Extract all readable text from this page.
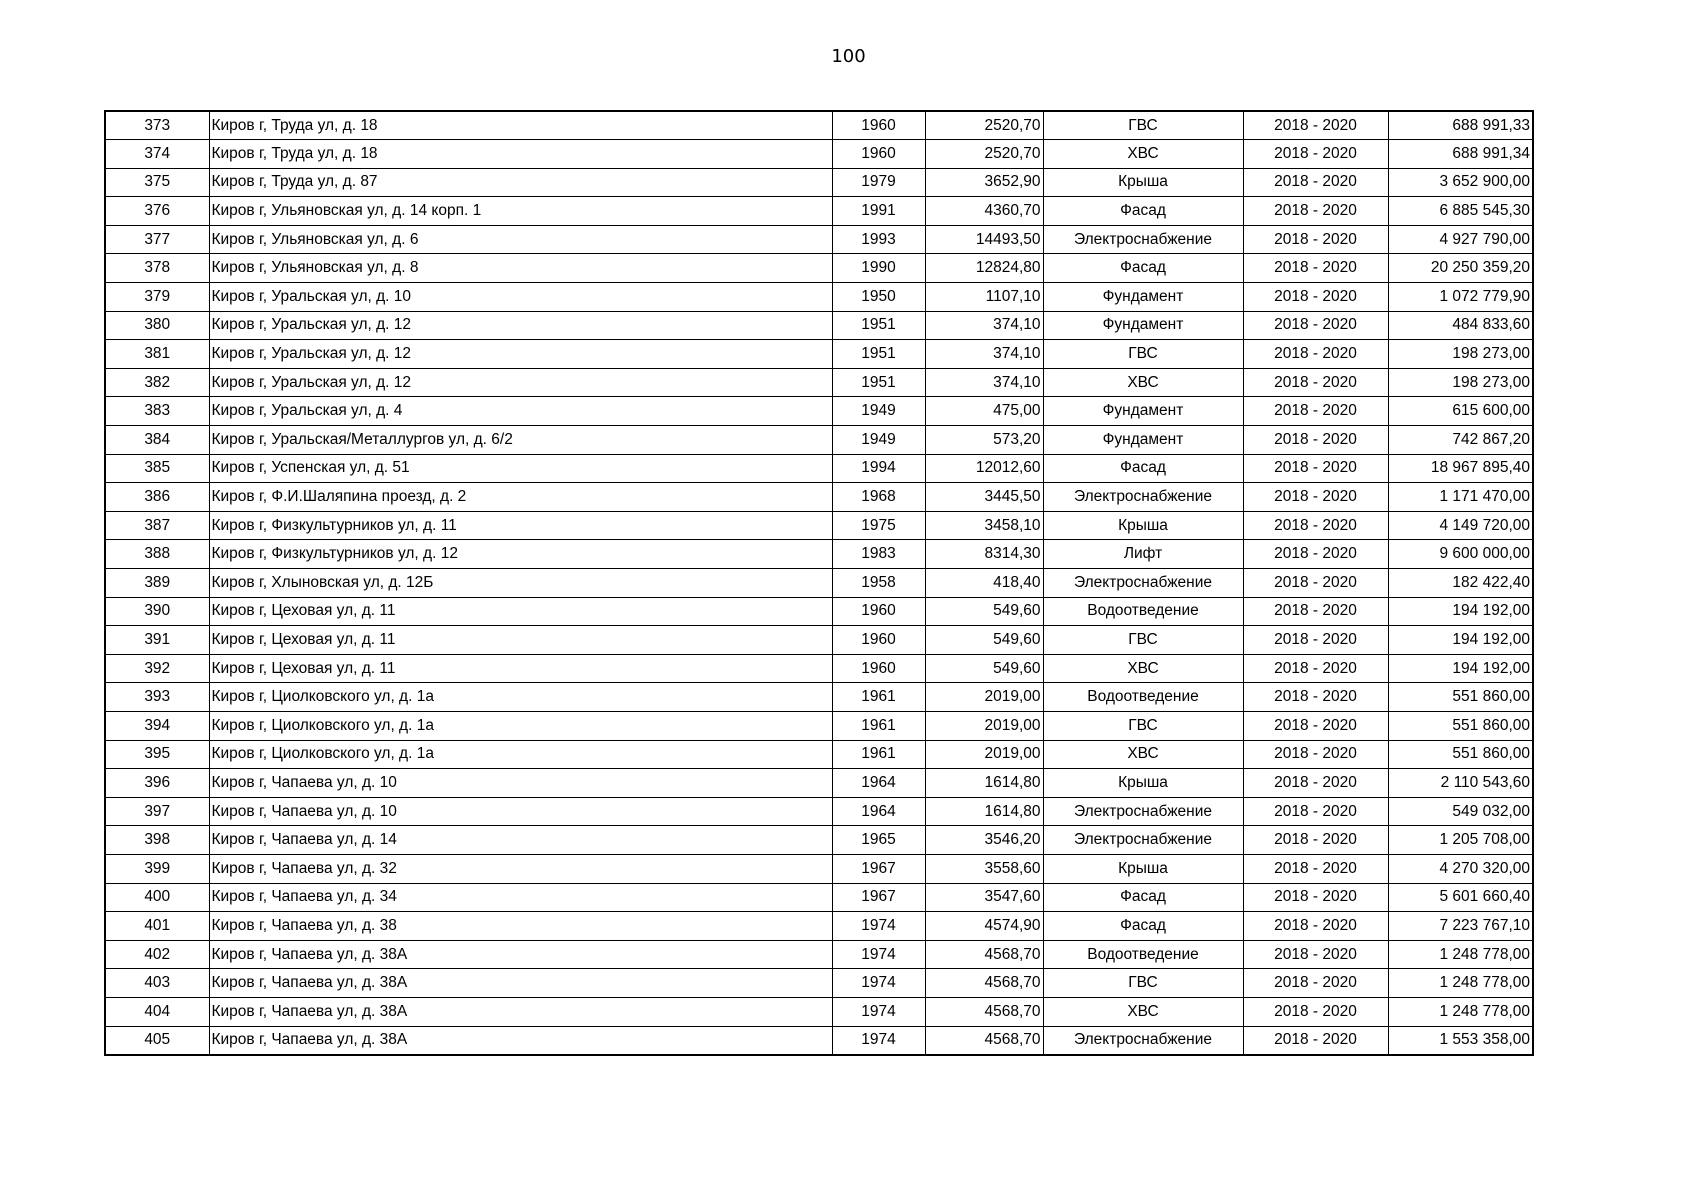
100
373	Киров г, Труда ул, д. 18	1960	2520,70	ГВС	2018 - 2020	688 991,33
374	Киров г, Труда ул, д. 18	1960	2520,70	ХВС	2018 - 2020	688 991,34
375	Киров г, Труда ул, д. 87	1979	3652,90	Крыша	2018 - 2020	3 652 900,00
376	Киров г, Ульяновская ул, д. 14 корп. 1	1991	4360,70	Фасад	2018 - 2020	6 885 545,30
377	Киров г, Ульяновская ул, д. 6	1993	14493,50	Электроснабжение	2018 - 2020	4 927 790,00
378	Киров г, Ульяновская ул, д. 8	1990	12824,80	Фасад	2018 - 2020	20 250 359,20
379	Киров г, Уральская ул, д. 10	1950	1107,10	Фундамент	2018 - 2020	1 072 779,90
380	Киров г, Уральская ул, д. 12	1951	374,10	Фундамент	2018 - 2020	484 833,60
381	Киров г, Уральская ул, д. 12	1951	374,10	ГВС	2018 - 2020	198 273,00
382	Киров г, Уральская ул, д. 12	1951	374,10	ХВС	2018 - 2020	198 273,00
383	Киров г, Уральская ул, д. 4	1949	475,00	Фундамент	2018 - 2020	615 600,00
384	Киров г, Уральская/Металлургов ул, д. 6/2	1949	573,20	Фундамент	2018 - 2020	742 867,20
385	Киров г, Успенская ул, д. 51	1994	12012,60	Фасад	2018 - 2020	18 967 895,40
386	Киров г, Ф.И.Шаляпина проезд, д. 2	1968	3445,50	Электроснабжение	2018 - 2020	1 171 470,00
387	Киров г, Физкультурников ул, д. 11	1975	3458,10	Крыша	2018 - 2020	4 149 720,00
388	Киров г, Физкультурников ул, д. 12	1983	8314,30	Лифт	2018 - 2020	9 600 000,00
389	Киров г, Хлыновская ул, д. 12Б	1958	418,40	Электроснабжение	2018 - 2020	182 422,40
390	Киров г, Цеховая ул, д. 11	1960	549,60	Водоотведение	2018 - 2020	194 192,00
391	Киров г, Цеховая ул, д. 11	1960	549,60	ГВС	2018 - 2020	194 192,00
392	Киров г, Цеховая ул, д. 11	1960	549,60	ХВС	2018 - 2020	194 192,00
393	Киров г, Циолковского ул, д. 1а	1961	2019,00	Водоотведение	2018 - 2020	551 860,00
394	Киров г, Циолковского ул, д. 1а	1961	2019,00	ГВС	2018 - 2020	551 860,00
395	Киров г, Циолковского ул, д. 1а	1961	2019,00	ХВС	2018 - 2020	551 860,00
396	Киров г, Чапаева ул, д. 10	1964	1614,80	Крыша	2018 - 2020	2 110 543,60
397	Киров г, Чапаева ул, д. 10	1964	1614,80	Электроснабжение	2018 - 2020	549 032,00
398	Киров г, Чапаева ул, д. 14	1965	3546,20	Электроснабжение	2018 - 2020	1 205 708,00
399	Киров г, Чапаева ул, д. 32	1967	3558,60	Крыша	2018 - 2020	4 270 320,00
400	Киров г, Чапаева ул, д. 34	1967	3547,60	Фасад	2018 - 2020	5 601 660,40
401	Киров г, Чапаева ул, д. 38	1974	4574,90	Фасад	2018 - 2020	7 223 767,10
402	Киров г, Чапаева ул, д. 38А	1974	4568,70	Водоотведение	2018 - 2020	1 248 778,00
403	Киров г, Чапаева ул, д. 38А	1974	4568,70	ГВС	2018 - 2020	1 248 778,00
404	Киров г, Чапаева ул, д. 38А	1974	4568,70	ХВС	2018 - 2020	1 248 778,00
405	Киров г, Чапаева ул, д. 38А	1974	4568,70	Электроснабжение	2018 - 2020	1 553 358,00
